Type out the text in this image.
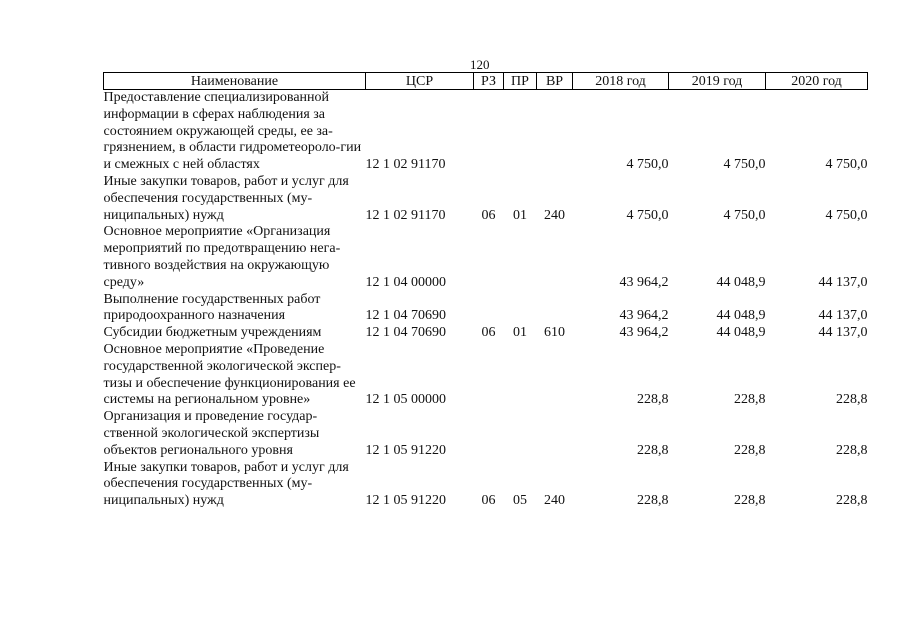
120
Наименование	ЦСР	РЗ	ПР	ВР	2018 год	2019 год	2020 год
Предоставление специализированной информации в сферах наблюдения за состоянием окружающей среды, ее за-грязнением, в области гидрометеороло-гии и смежных с ней областях	12 1 02 91170				4 750,0	4 750,0	4 750,0
Иные закупки товаров, работ и услуг для обеспечения государственных (му-ниципальных) нужд	12 1 02 91170	06	01	240	4 750,0	4 750,0	4 750,0
Основное мероприятие «Организация мероприятий по предотвращению нега-тивного воздействия на окружающую среду»	12 1 04 00000				43 964,2	44 048,9	44 137,0
Выполнение государственных работ природоохранного назначения	12 1 04 70690				43 964,2	44 048,9	44 137,0
Субсидии бюджетным учреждениям	12 1 04 70690	06	01	610	43 964,2	44 048,9	44 137,0
Основное мероприятие «Проведение государственной экологической экспер-тизы и обеспечение функционирования ее системы на региональном уровне»	12 1 05 00000				228,8	228,8	228,8
Организация и проведение государ-ственной экологической экспертизы объектов регионального уровня	12 1 05 91220				228,8	228,8	228,8
Иные закупки товаров, работ и услуг для обеспечения государственных (му-ниципальных) нужд	12 1 05 91220	06	05	240	228,8	228,8	228,8
